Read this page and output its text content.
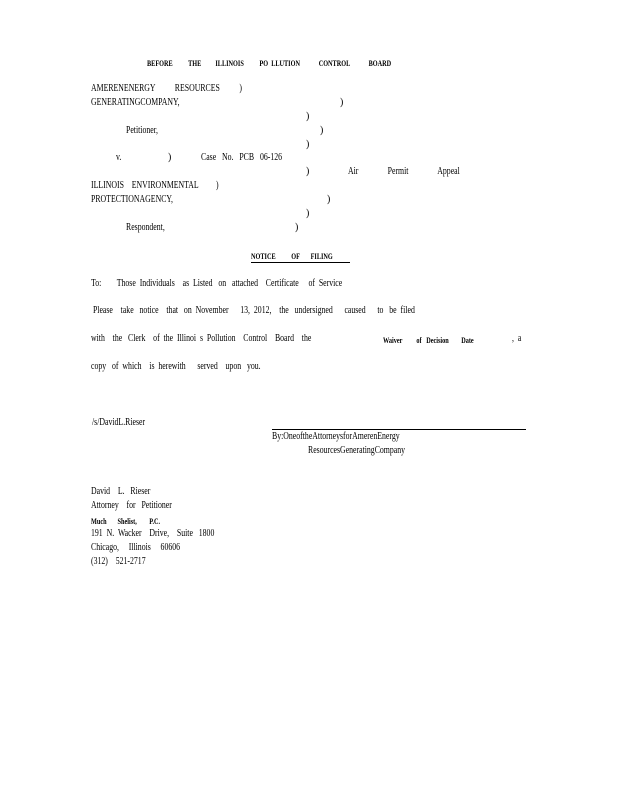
BEFORE          THE         ILLINOIS          PO  LLUTION            CONTROL            BOARD
AMERENENERGY          RESOURCES          )
GENERATINGCOMPANY,	)
)
Petitioner,	)
)
v.	)	Case   No.   PCB   06-126
)	Air               Permit               Appeal
ILLINOIS    ENVIRONMENTAL         )
PROTECTIONAGENCY,	)
)
Respondent,	)
NOTICE          OF       FILING
To:        Those  Individuals    as  Listed   on   attached    Certificate     of  Service
Please    take   notice    that   on  November      13,  2012,    the   undersigned      caused      to   be  filed
with    the   Clerk    of  the  Illinoi  s  Pollution    Control    Board    the	Waiver         of   Decision        Date	,  a
copy   of  which    is  herewith      served    upon   you.
/s/DavidL.Rieser
By:OneoftheAttorneysforAmerenEnergy
ResourcesGeneratingCompany
David    L.   Rieser
Attorney    for   Petitioner
Much       Shelist,        P.C.
191  N.  Wacker    Drive,    Suite   1800
Chicago,     Illinois     60606
(312)    521-2717
